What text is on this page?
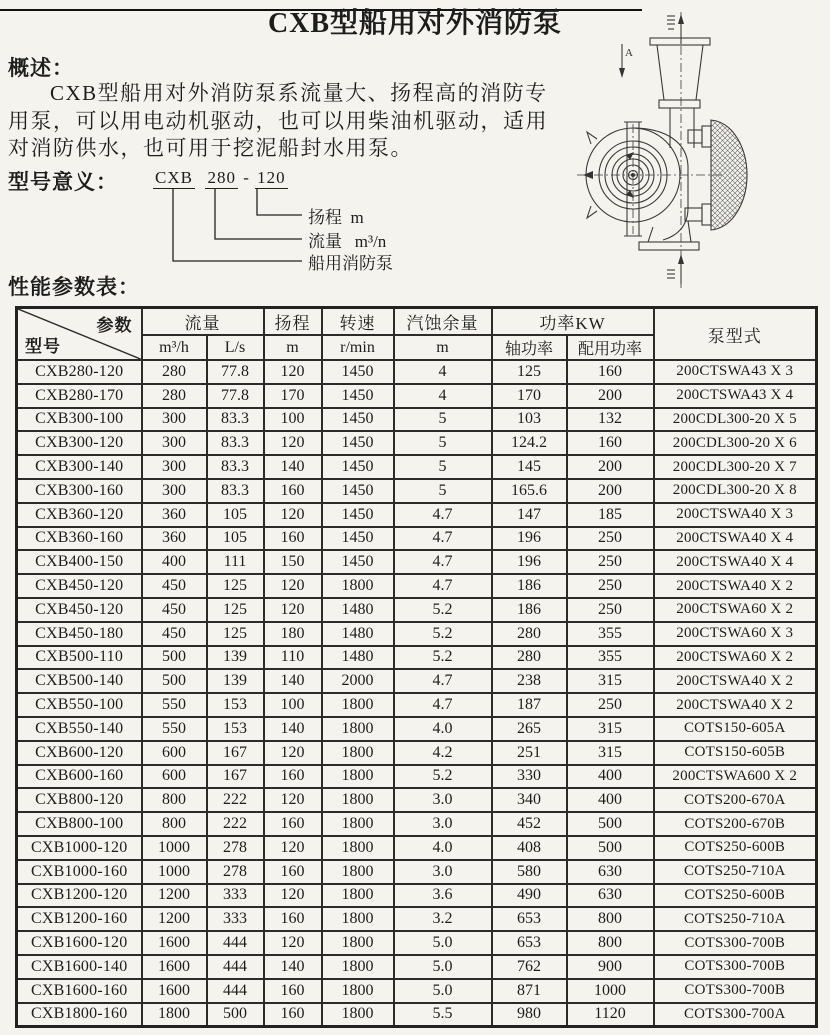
CXB型船用对外消防泵
A
概述：
CXB型船用对外消防泵系流量大、扬程高的消防专
用泵，可以用电动机驱动，也可以用柴油机驱动，适用
对消防供水，也可用于挖泥船封水用泵。
型号意义： CXB 280 - 120
扬程  m
流量   m³/n
船用消防泵
性能参数表：
参数
型号	流量		扬程	转速	汽蚀余量	功率KW		泵型式
	m³/h	L/s	m	r/min	m	轴功率	配用功率	
CXB280-120	280	77.8	120	1450	4	125	160	200CTSWA43 X 3
CXB280-170	280	77.8	170	1450	4	170	200	200CTSWA43 X 4
CXB300-100	300	83.3	100	1450	5	103	132	200CDL300-20 X 5
CXB300-120	300	83.3	120	1450	5	124.2	160	200CDL300-20 X 6
CXB300-140	300	83.3	140	1450	5	145	200	200CDL300-20 X 7
CXB300-160	300	83.3	160	1450	5	165.6	200	200CDL300-20 X 8
CXB360-120	360	105	120	1450	4.7	147	185	200CTSWA40 X 3
CXB360-160	360	105	160	1450	4.7	196	250	200CTSWA40 X 4
CXB400-150	400	111	150	1450	4.7	196	250	200CTSWA40 X 4
CXB450-120	450	125	120	1800	4.7	186	250	200CTSWA40 X 2
CXB450-120	450	125	120	1480	5.2	186	250	200CTSWA60 X 2
CXB450-180	450	125	180	1480	5.2	280	355	200CTSWA60 X 3
CXB500-110	500	139	110	1480	5.2	280	355	200CTSWA60 X 2
CXB500-140	500	139	140	2000	4.7	238	315	200CTSWA40 X 2
CXB550-100	550	153	100	1800	4.7	187	250	200CTSWA40 X 2
CXB550-140	550	153	140	1800	4.0	265	315	COTS150-605A
CXB600-120	600	167	120	1800	4.2	251	315	COTS150-605B
CXB600-160	600	167	160	1800	5.2	330	400	200CTSWA600 X 2
CXB800-120	800	222	120	1800	3.0	340	400	COTS200-670A
CXB800-100	800	222	160	1800	3.0	452	500	COTS200-670B
CXB1000-120	1000	278	120	1800	4.0	408	500	COTS250-600B
CXB1000-160	1000	278	160	1800	3.0	580	630	COTS250-710A
CXB1200-120	1200	333	120	1800	3.6	490	630	COTS250-600B
CXB1200-160	1200	333	160	1800	3.2	653	800	COTS250-710A
CXB1600-120	1600	444	120	1800	5.0	653	800	COTS300-700B
CXB1600-140	1600	444	140	1800	5.0	762	900	COTS300-700B
CXB1600-160	1600	444	160	1800	5.0	871	1000	COTS300-700B
CXB1800-160	1800	500	160	1800	5.5	980	1120	COTS300-700A
